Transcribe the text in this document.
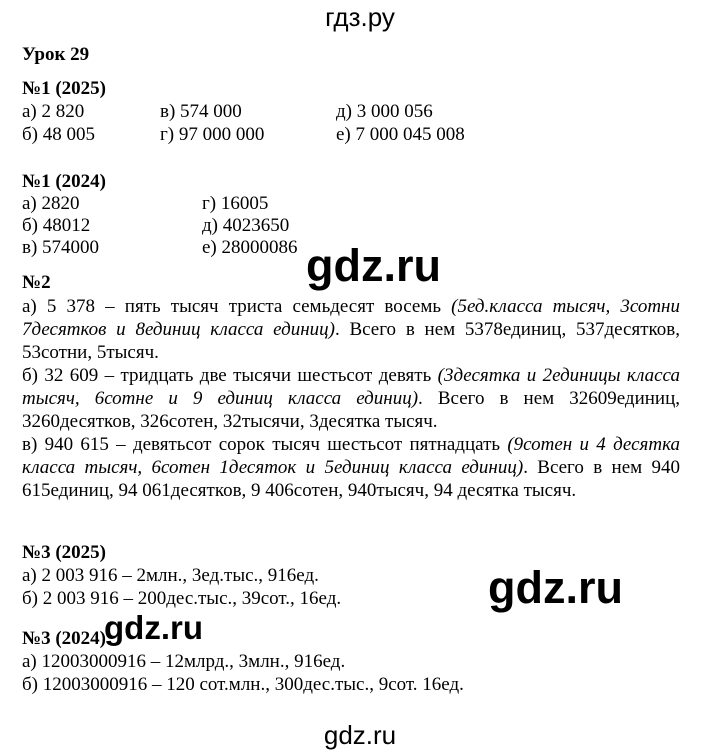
гдз.ру
Урок 29
№1 (2025)
а) 2 820
б) 48 005
в) 574 000
г) 97 000 000
д) 3 000 056
е) 7 000 045 008
№1 (2024)
а) 2820
б) 48012
в) 574000
г) 16005
д) 4023650
е) 28000086 gdz.ru
№2
а) 5 378 – пять тысяч триста семьдесят восемь (5ед.класса тысяч, 3сотни 7десятков и 8единиц класса единиц). Всего в нем 5378единиц, 537десятков, 53сотни, 5тысяч.
б) 32 609 – тридцать две тысячи шестьсот девять (3десятка и 2единицы класса тысяч, 6сотне и 9 единиц класса единиц). Всего в нем 32609единиц, 3260десятков, 326сотен, 32тысячи, 3десятка тысяч.
в) 940 615 – девятьсот сорок тысяч шестьсот пятнадцать (9сотен и 4 десятка класса тысяч, 6сотен 1десяток и 5единиц класса единиц). Всего в нем 940 615единиц, 94 061десятков, 9 406сотен, 940тысяч, 94 десятка тысяч.
№3 (2025)
а) 2 003 916 – 2млн., 3ед.тыс., 916ед.
б) 2 003 916 – 200дес.тыс., 39сот., 16ед.	gdz.ru
№3 (2024)
а) 12003000916 – 12млрд., 3млн., 916ед.
б) 12003000916 – 120 сот.млн., 300дес.тыс., 9сот. 16ед.
gdz.ru
gdz.ru
